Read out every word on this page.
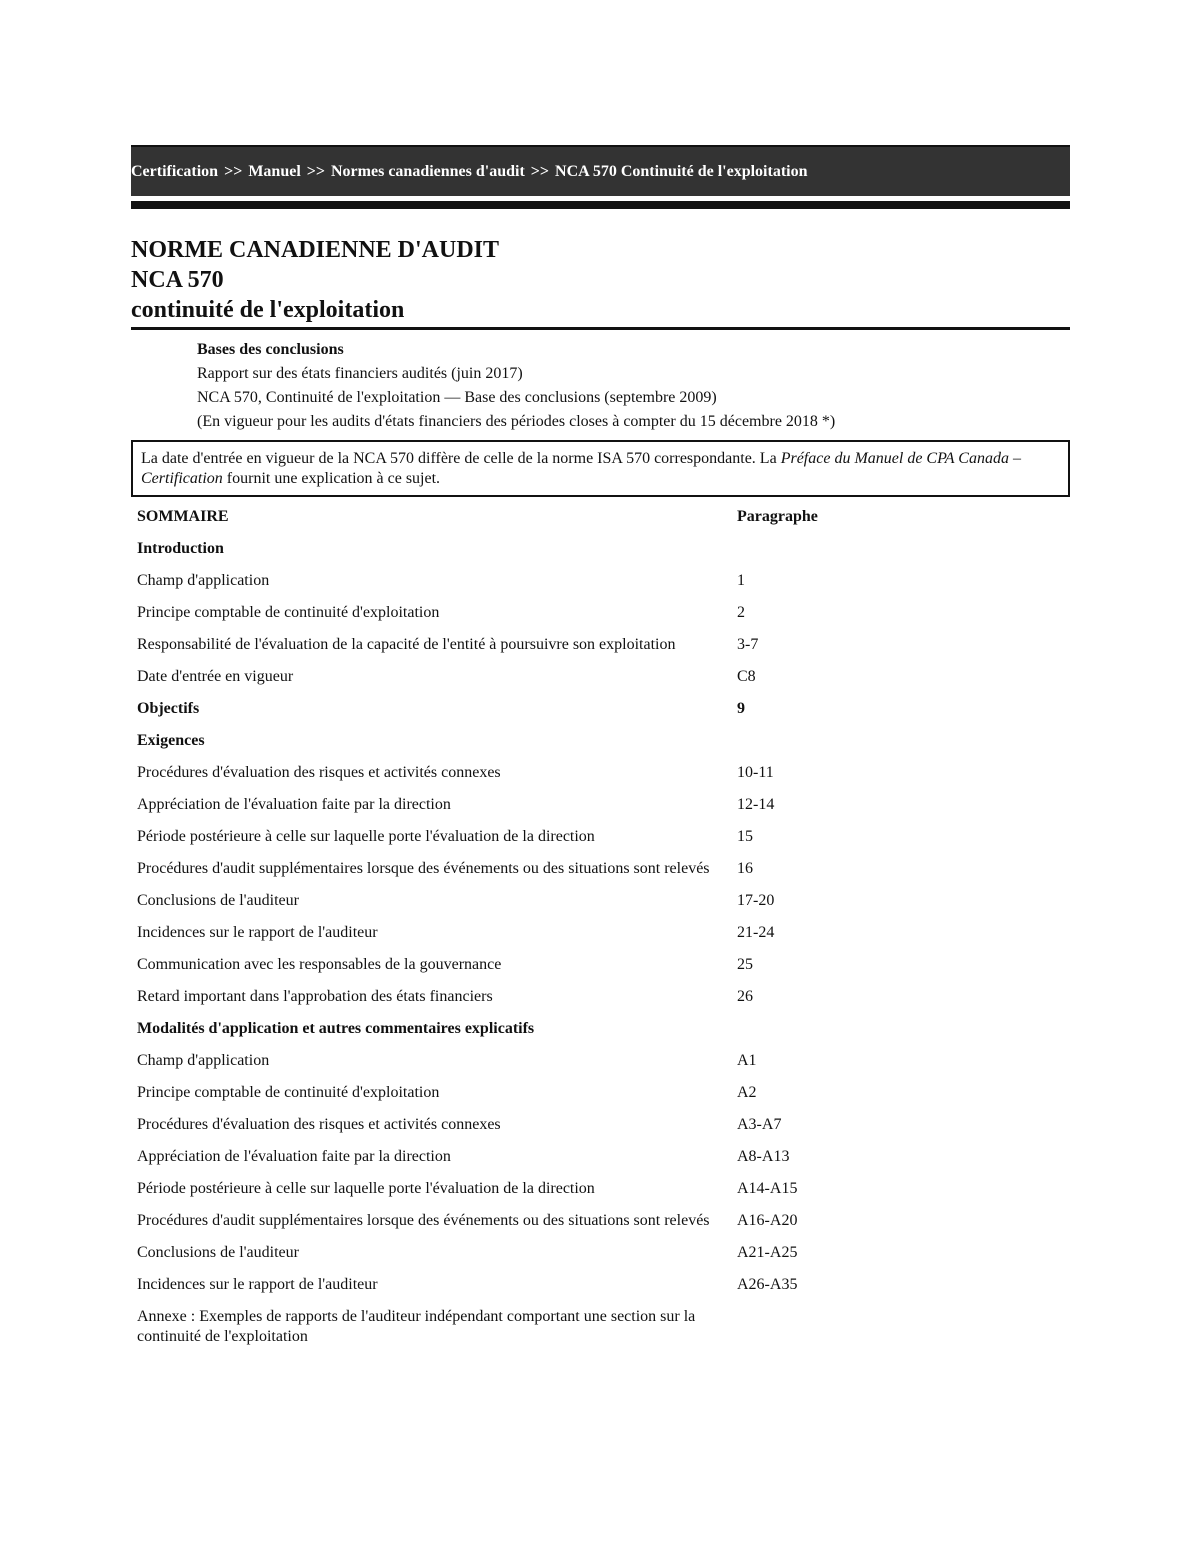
Certification >> Manuel >> Normes canadiennes d'audit >> NCA 570 Continuité de l'exploitation
NORME CANADIENNE D'AUDIT
NCA 570
continuité de l'exploitation
Bases des conclusions
Rapport sur des états financiers audités (juin 2017)
NCA 570, Continuité de l'exploitation — Base des conclusions (septembre 2009)
(En vigueur pour les audits d'états financiers des périodes closes à compter du 15 décembre 2018 *)
La date d'entrée en vigueur de la NCA 570 diffère de celle de la norme ISA 570 correspondante. La Préface du Manuel de CPA Canada – Certification fournit une explication à ce sujet.
SOMMAIRE	Paragraphe
Introduction	
Champ d'application	1
Principe comptable de continuité d'exploitation	2
Responsabilité de l'évaluation de la capacité de l'entité à poursuivre son exploitation	3-7
Date d'entrée en vigueur	C8
Objectifs	9
Exigences	
Procédures d'évaluation des risques et activités connexes	10-11
Appréciation de l'évaluation faite par la direction	12-14
Période postérieure à celle sur laquelle porte l'évaluation de la direction	15
Procédures d'audit supplémentaires lorsque des événements ou des situations sont relevés	16
Conclusions de l'auditeur	17-20
Incidences sur le rapport de l'auditeur	21-24
Communication avec les responsables de la gouvernance	25
Retard important dans l'approbation des états financiers	26
Modalités d'application et autres commentaires explicatifs	
Champ d'application	A1
Principe comptable de continuité d'exploitation	A2
Procédures d'évaluation des risques et activités connexes	A3-A7
Appréciation de l'évaluation faite par la direction	A8-A13
Période postérieure à celle sur laquelle porte l'évaluation de la direction	A14-A15
Procédures d'audit supplémentaires lorsque des événements ou des situations sont relevés	A16-A20
Conclusions de l'auditeur	A21-A25
Incidences sur le rapport de l'auditeur	A26-A35
Annexe : Exemples de rapports de l'auditeur indépendant comportant une section sur la continuité de l'exploitation	
